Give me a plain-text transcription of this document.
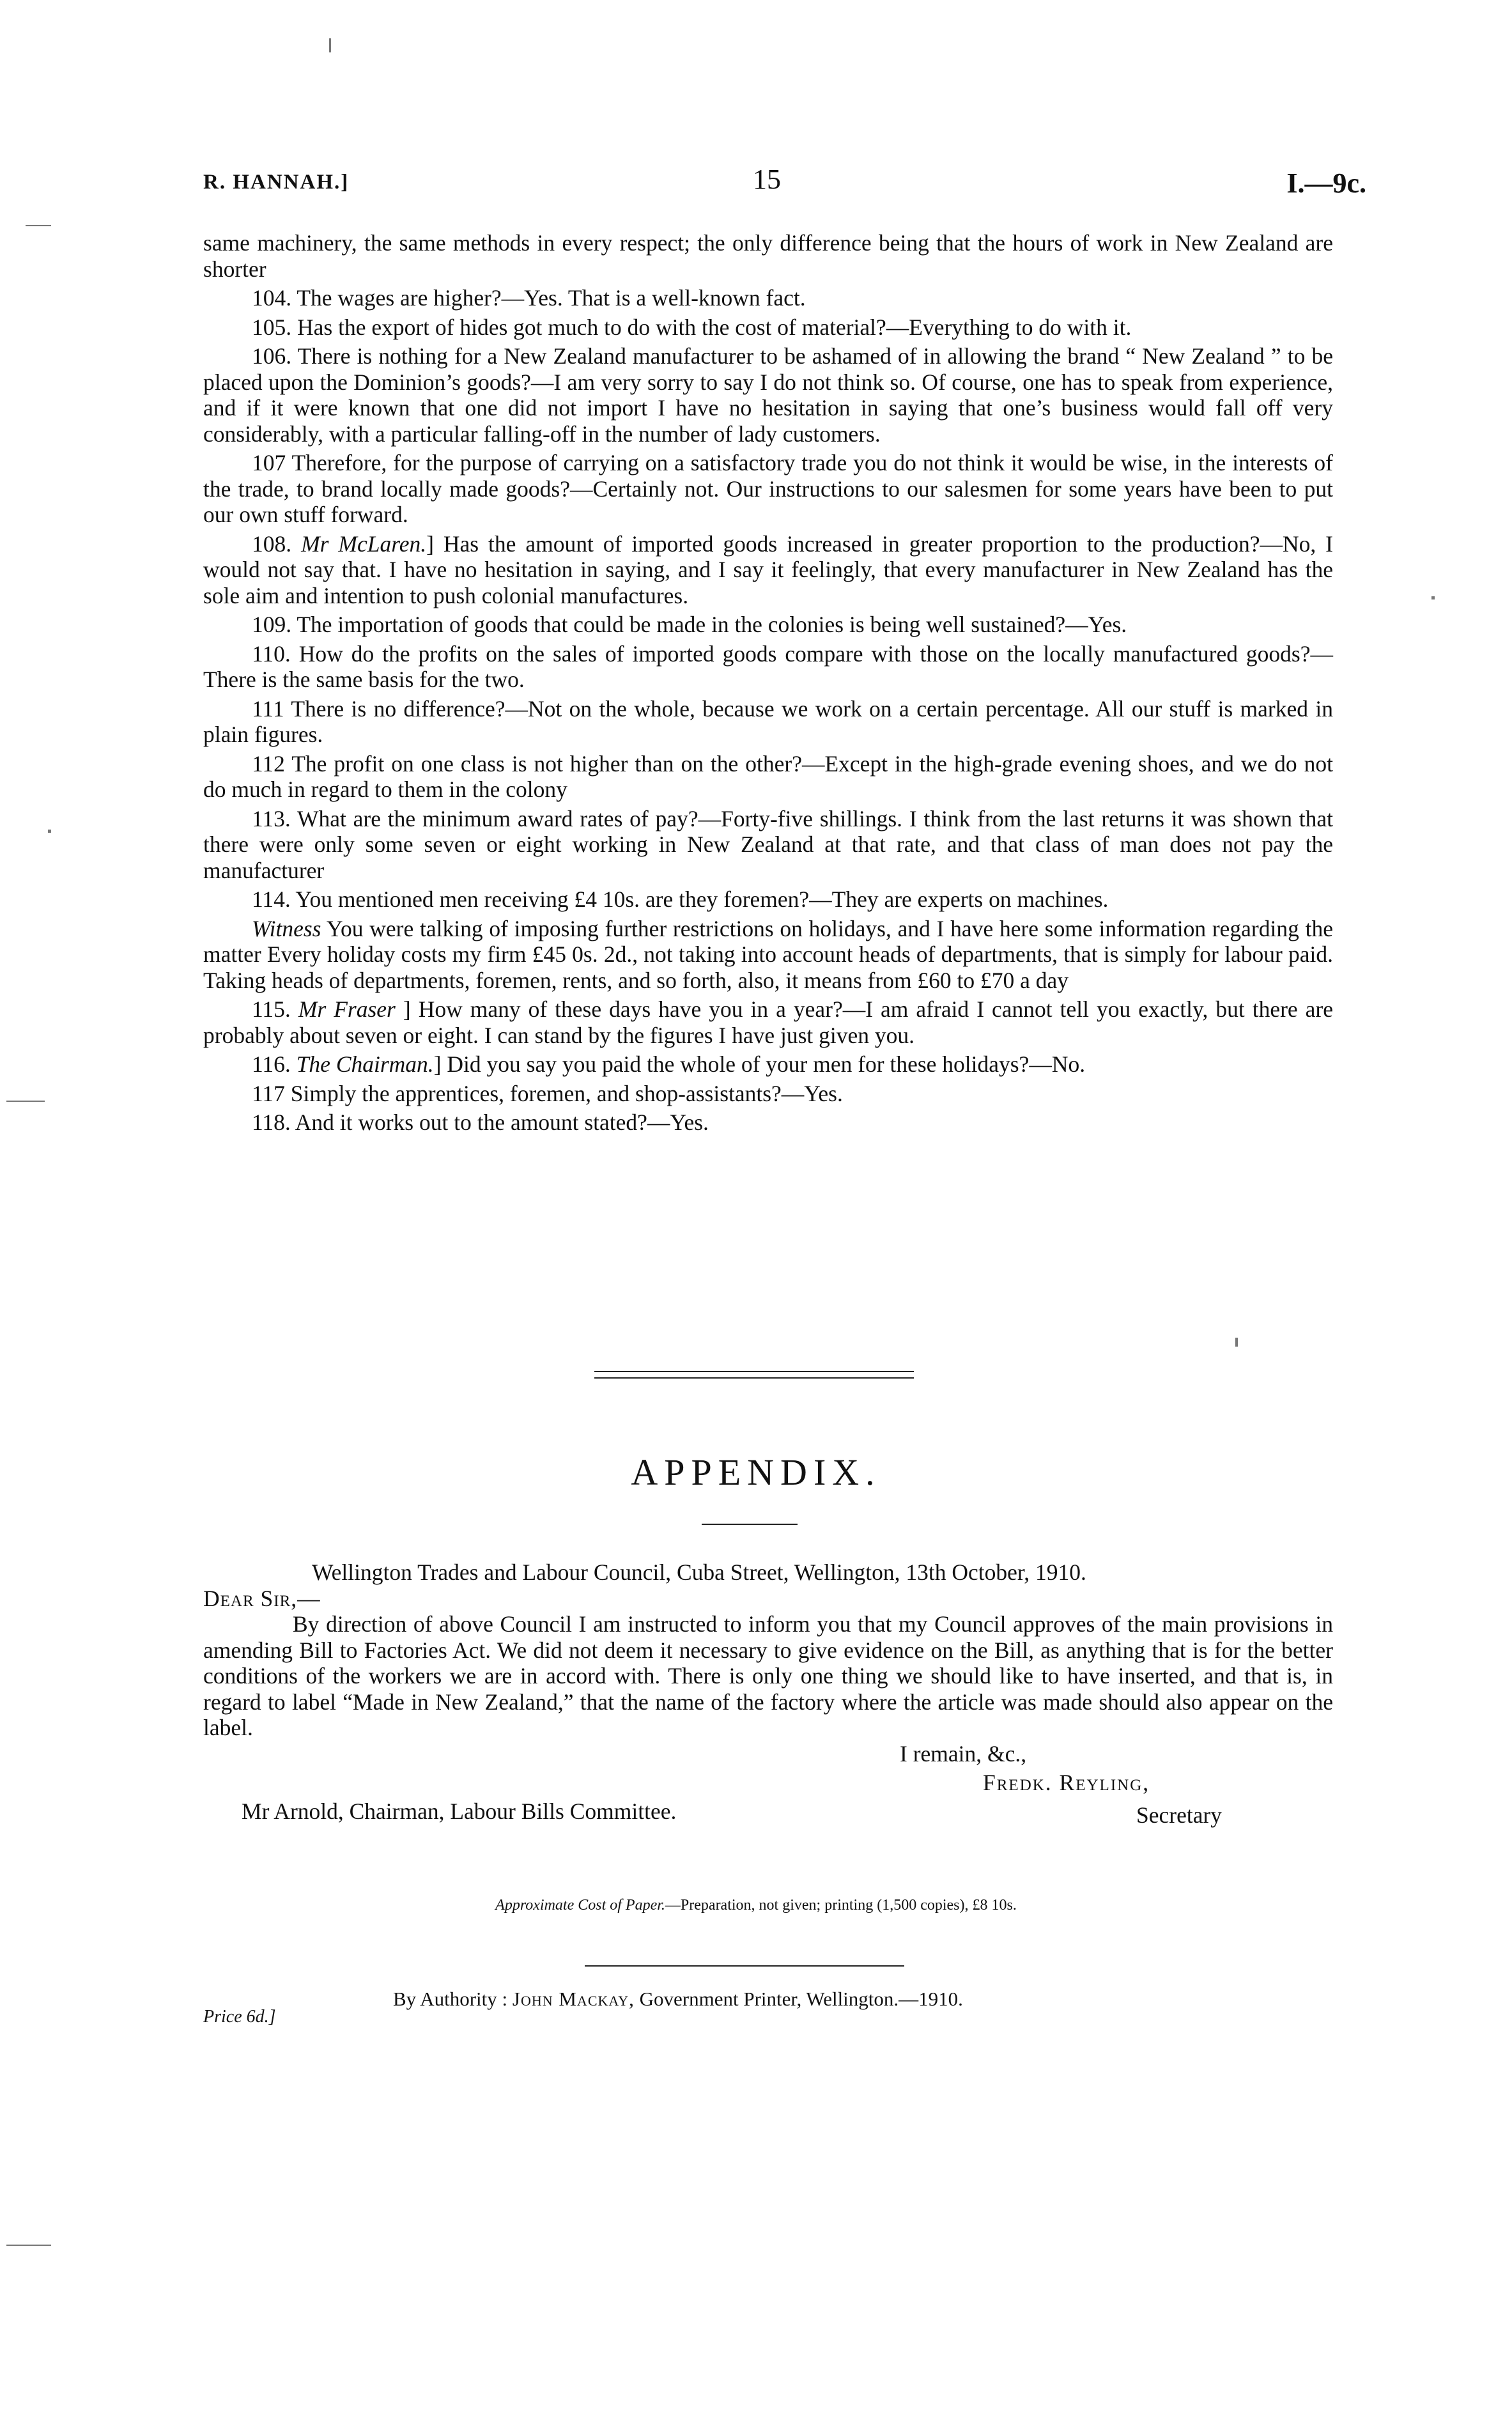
R. HANNAH.]	15	I.—9c.

same machinery, the same methods in every respect; the only difference being that the hours of work in New Zealand are shorter

104. The wages are higher?—Yes. That is a well-known fact.

105. Has the export of hides got much to do with the cost of material?—Everything to do with it.

106. There is nothing for a New Zealand manufacturer to be ashamed of in allowing the brand “ New Zealand ” to be placed upon the Dominion’s goods?—I am very sorry to say I do not think so. Of course, one has to speak from experience, and if it were known that one did not import I have no hesitation in saying that one’s business would fall off very considerably, with a particular falling-off in the number of lady customers.

107 Therefore, for the purpose of carrying on a satisfactory trade you do not think it would be wise, in the interests of the trade, to brand locally made goods?—Certainly not. Our instructions to our salesmen for some years have been to put our own stuff forward.

108. Mr McLaren.] Has the amount of imported goods increased in greater proportion to the production?—No, I would not say that. I have no hesitation in saying, and I say it feelingly, that every manufacturer in New Zealand has the sole aim and intention to push colonial manufactures.

109. The importation of goods that could be made in the colonies is being well sustained?—Yes.

110. How do the profits on the sales of imported goods compare with those on the locally manufactured goods?—There is the same basis for the two.

111 There is no difference?—Not on the whole, because we work on a certain percentage. All our stuff is marked in plain figures.

112 The profit on one class is not higher than on the other?—Except in the high-grade evening shoes, and we do not do much in regard to them in the colony

113. What are the minimum award rates of pay?—Forty-five shillings. I think from the last returns it was shown that there were only some seven or eight working in New Zealand at that rate, and that class of man does not pay the manufacturer

114. You mentioned men receiving £4 10s. are they foremen?—They are experts on machines.

Witness You were talking of imposing further restrictions on holidays, and I have here some information regarding the matter Every holiday costs my firm £45 0s. 2d., not taking into account heads of departments, that is simply for labour paid. Taking heads of departments, foremen, rents, and so forth, also, it means from £60 to £70 a day

115. Mr Fraser ] How many of these days have you in a year?—I am afraid I cannot tell you exactly, but there are probably about seven or eight. I can stand by the figures I have just given you.

116. The Chairman.] Did you say you paid the whole of your men for these holidays?—No.

117 Simply the apprentices, foremen, and shop-assistants?—Yes.

118. And it works out to the amount stated?—Yes.

APPENDIX.
Wellington Trades and Labour Council, Cuba Street, Wellington, 13th October, 1910.
Dear Sir,—

By direction of above Council I am instructed to inform you that my Council approves of the main provisions in amending Bill to Factories Act. We did not deem it necessary to give evidence on the Bill, as anything that is for the better conditions of the workers we are in accord with. There is only one thing we should like to have inserted, and that is, in regard to label “Made in New Zealand,” that the name of the factory where the article was made should also appear on the label.

I remain, &c.,
Fredk. Reyling,
Mr Arnold, Chairman, Labour Bills Committee.	Secretary
Approximate Cost of Paper.—Preparation, not given; printing (1,500 copies), £8 10s.
Price 6d.]
By Authority : John Mackay, Government Printer, Wellington.—1910.
